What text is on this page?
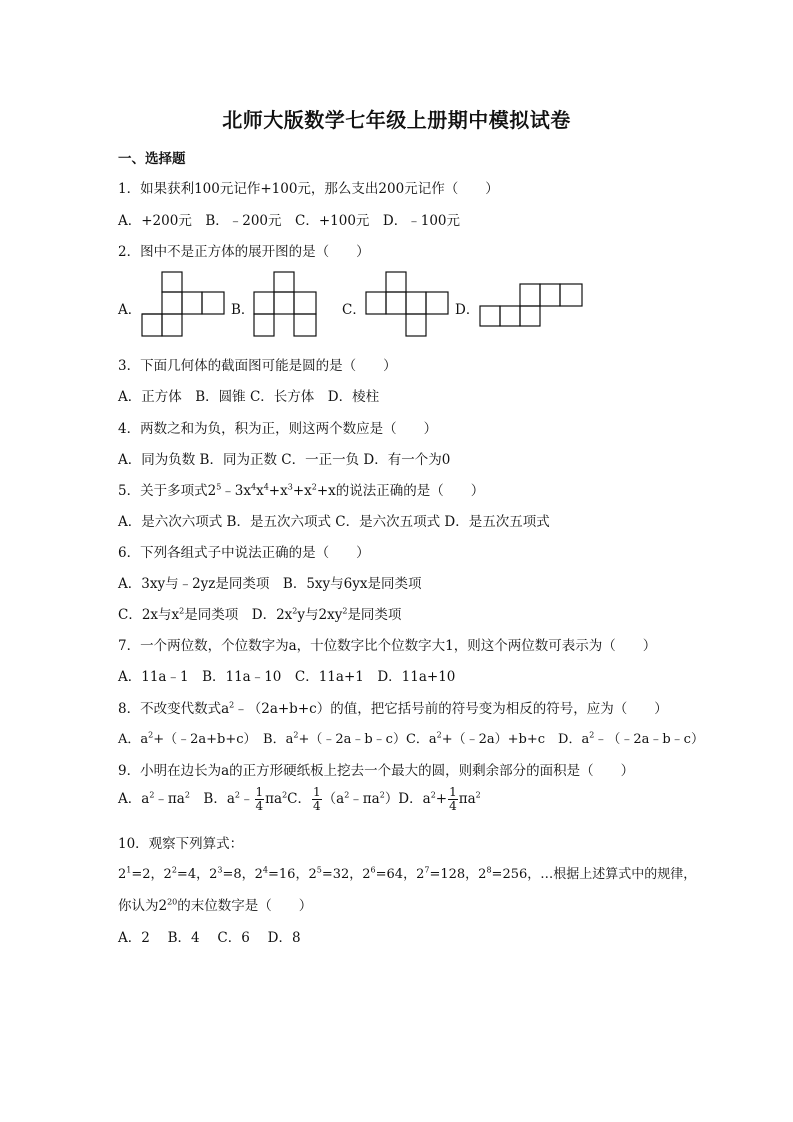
北师大版数学七年级上册期中模拟试卷
一、选择题
1．如果获利100元记作+100元，那么支出200元记作（　　）
A．+200元　B．﹣200元　C．+100元　D．﹣100元
2．图中不是正方体的展开图的是（　　）
A．	B．	C．	D．
3．下面几何体的截面图可能是圆的是（　　）
A．正方体　B．圆锥 C．长方体　D．棱柱
4．两数之和为负，积为正，则这两个数应是（　　）
A．同为负数 B．同为正数 C．一正一负 D．有一个为0
5．关于多项式$2^5﹣3x^4x^4+x^3+x^2+x$的说法正确的是（　　）
A．是六次六项式 B．是五次六项式 C．是六次五项式 D．是五次五项式
6．下列各组式子中说法正确的是（　　）
A．3xy与﹣2yz是同类项　B．5xy与6yx是同类项
C．2x与$x^2$是同类项　D．$2x^2y$与$2xy^2$是同类项
7．一个两位数，个位数字为a，十位数字比个位数字大1，则这个两位数可表示为（　　）
A．11a﹣1　B．11a﹣10　C．11a+1　D．11a+10
8．不改变代数式$a^2﹣(2a+b+c)$的值，把它括号前的符号变为相反的符号，应为（　　）
A．$a^2+(﹣2a+b+c)$　B．$a^2+(﹣2a﹣b﹣c)C$．$a^2+(﹣2a)+b+c$　D．$a^2﹣(﹣2a﹣b﹣c)$
9．小明在边长为a的正方形硬纸板上挖去一个最大的圆，则剩余部分的面积是（　　）
A．$a^2﹣\pi a^2$　B．$a^2﹣ \frac{1}{4} \pi a^2C$． $\frac{1}{4}$ $(a^2﹣\pi a^2)D$．$a^2+ \frac{1}{4} \pi a^2$
10．观察下列算式：
$2^1=2$，$2^2=4$，$2^3=8$，$2^4=16$，$2^5=32$，$2^6=64$，$2^7=128$，$2^8=256$，…根据上述算式中的规律，
你认为$2^{20}$的末位数字是（　　）
A．2　 B．4　 C．6　 D．8
